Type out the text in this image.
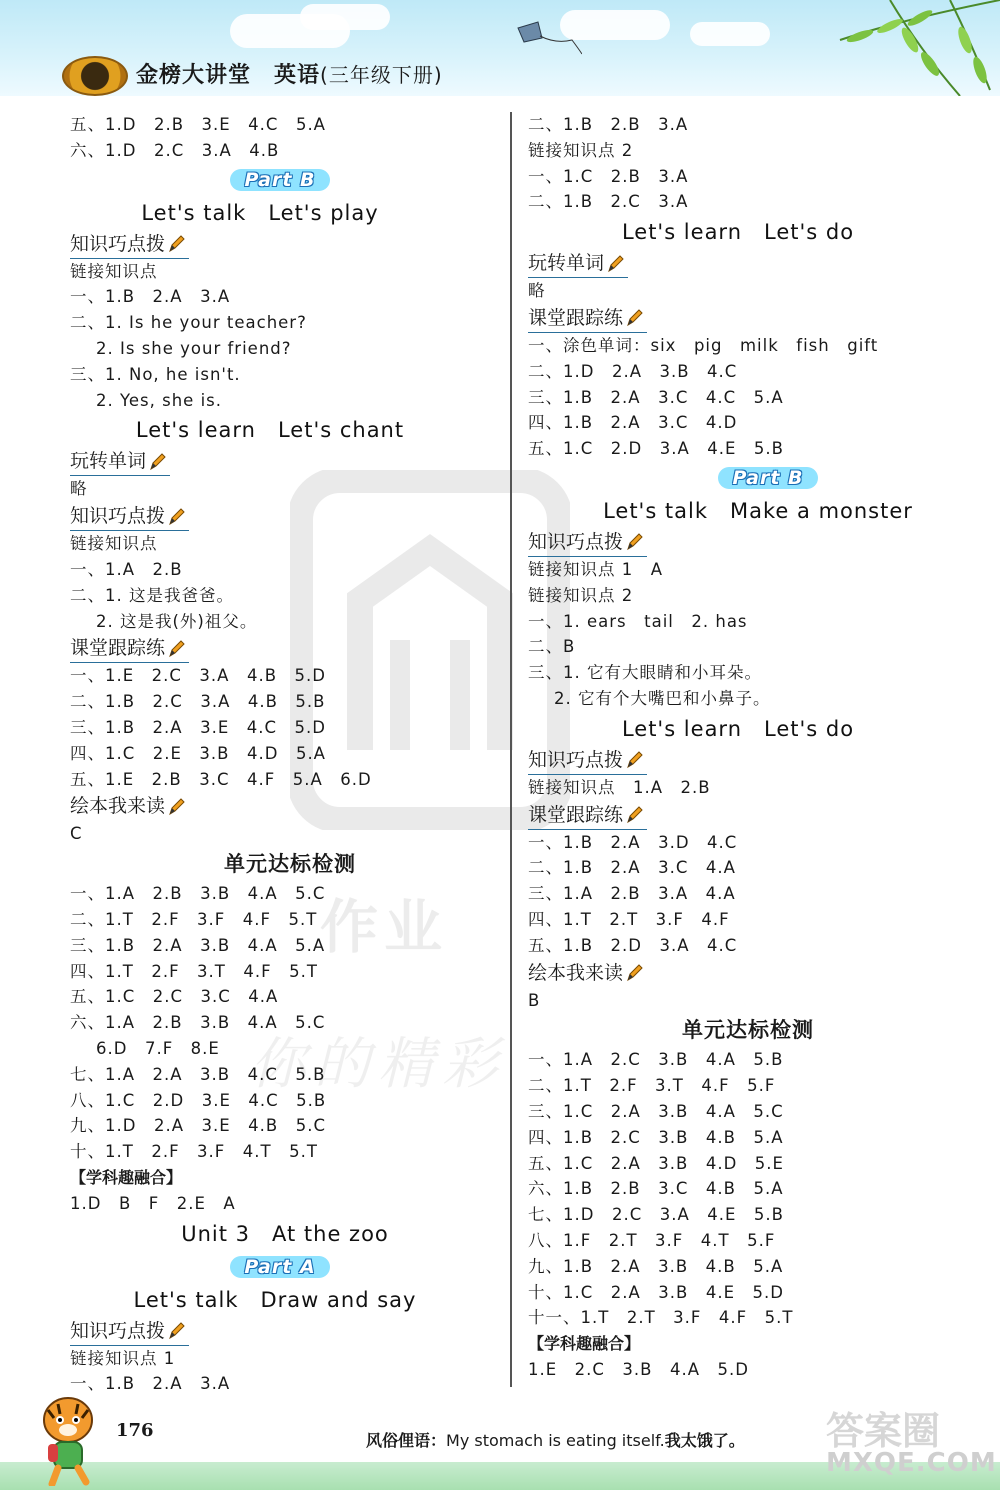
金榜大讲堂　英语(三年级下册)
作业
你的精彩
五、1.D　2.B　3.E　4.C　5.A
六、1.D　2.C　3.A　4.B
Part B
Let's talk　Let's play
知识巧点拨
链接知识点
一、1.B　2.A　3.A
二、1. Is he your teacher?
2. Is she your friend?
三、1. No, he isn't.
2. Yes, she is.
Let's learn　Let's chant
玩转单词
略
知识巧点拨
链接知识点
一、1.A　2.B
二、1. 这是我爸爸。
2. 这是我(外)祖父。
课堂跟踪练
一、1.E　2.C　3.A　4.B　5.D
二、1.B　2.C　3.A　4.B　5.B
三、1.B　2.A　3.E　4.C　5.D
四、1.C　2.E　3.B　4.D　5.A
五、1.E　2.B　3.C　4.F　5.A　6.D
绘本我来读
C
单元达标检测
一、1.A　2.B　3.B　4.A　5.C
二、1.T　2.F　3.F　4.F　5.T
三、1.B　2.A　3.B　4.A　5.A
四、1.T　2.F　3.T　4.F　5.T
五、1.C　2.C　3.C　4.A
六、1.A　2.B　3.B　4.A　5.C
6.D　7.F　8.E
七、1.A　2.A　3.B　4.C　5.B
八、1.C　2.D　3.E　4.C　5.B
九、1.D　2.A　3.E　4.B　5.C
十、1.T　2.F　3.F　4.T　5.T
【学科趣融合】
1.D　B　F　2.E　A
Unit 3　At the zoo
Part A
Let's talk　Draw and say
知识巧点拨
链接知识点 1
一、1.B　2.A　3.A
二、1.B　2.B　3.A
链接知识点 2
一、1.C　2.B　3.A
二、1.B　2.C　3.A
Let's learn　Let's do
玩转单词
略
课堂跟踪练
一、涂色单词：six　pig　milk　fish　gift
二、1.D　2.A　3.B　4.C
三、1.B　2.A　3.C　4.C　5.A
四、1.B　2.A　3.C　4.D
五、1.C　2.D　3.A　4.E　5.B
Part B
Let's talk　Make a monster
知识巧点拨
链接知识点 1　A
链接知识点 2
一、1. ears　tail　2. has
二、B
三、1. 它有大眼睛和小耳朵。
2. 它有个大嘴巴和小鼻子。
Let's learn　Let's do
知识巧点拨
链接知识点　1.A　2.B
课堂跟踪练
一、1.B　2.A　3.D　4.C
二、1.B　2.A　3.C　4.A
三、1.A　2.B　3.A　4.A
四、1.T　2.T　3.F　4.F
五、1.B　2.D　3.A　4.C
绘本我来读
B
单元达标检测
一、1.A　2.C　3.B　4.A　5.B
二、1.T　2.F　3.T　4.F　5.F
三、1.C　2.A　3.B　4.A　5.C
四、1.B　2.C　3.B　4.B　5.A
五、1.C　2.A　3.B　4.D　5.E
六、1.B　2.B　3.C　4.B　5.A
七、1.D　2.C　3.A　4.E　5.B
八、1.F　2.T　3.F　4.T　5.F
九、1.B　2.A　3.B　4.B　5.A
十、1.C　2.A　3.B　4.E　5.D
十一、1.T　2.T　3.F　4.F　5.T
【学科趣融合】
1.E　2.C　3.B　4.A　5.D
176	风俗俚语：My stomach is eating itself.我太饿了。 答案圈
MXQE.COM
